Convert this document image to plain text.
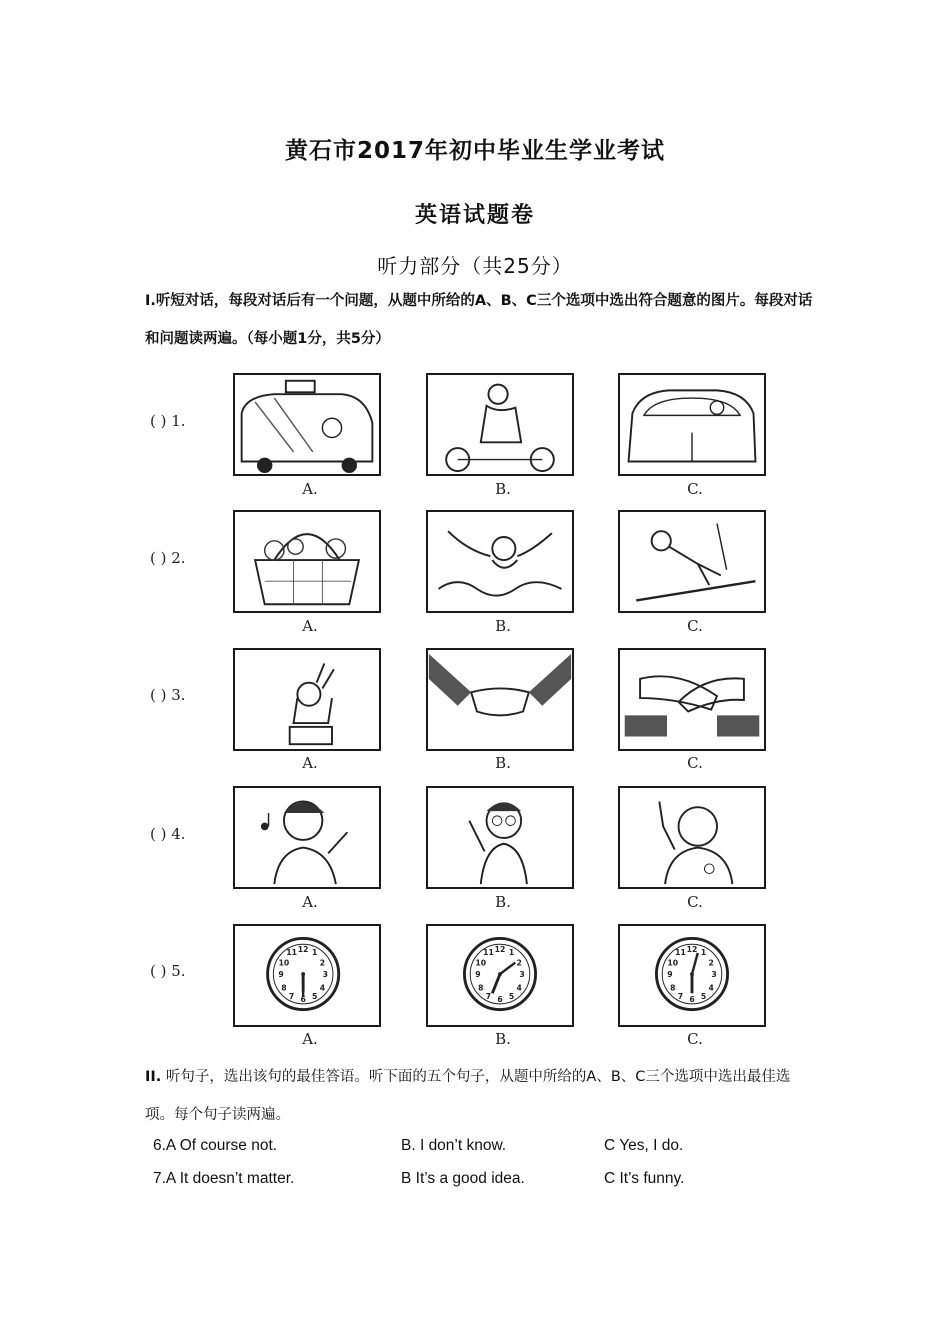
黄石市2017年初中毕业生学业考试
英语试题卷
听力部分（共25分）
Ⅰ.听短对话，每段对话后有一个问题，从题中所给的A、B、C三个选项中选出符合题意的图片。每段对话和问题读两遍。（每小题1分，共5分）
( ) 1.
A.	B.	C.
( ) 2.
A.	B.	C.
( ) 3.
A.	B.	C.
( ) 4.
A.	B.	C.
( ) 5.
12
3
6
9
1
2
4
5
7
8
10
11	12
3
6
9
1
2
4
5
7
8
10
11	12
3
6
9
1
2
4
5
7
8
10
11
A.	B.	C.
II. 听句子，选出该句的最佳答语。听下面的五个句子，从题中所给的A、B、C三个选项中选出最佳选项。每个句子读两遍。
6.A Of course not.	B. I don’t know.	C Yes, I do.
7.A It doesn’t matter.	B It’s a good idea.	C It’s funny.
